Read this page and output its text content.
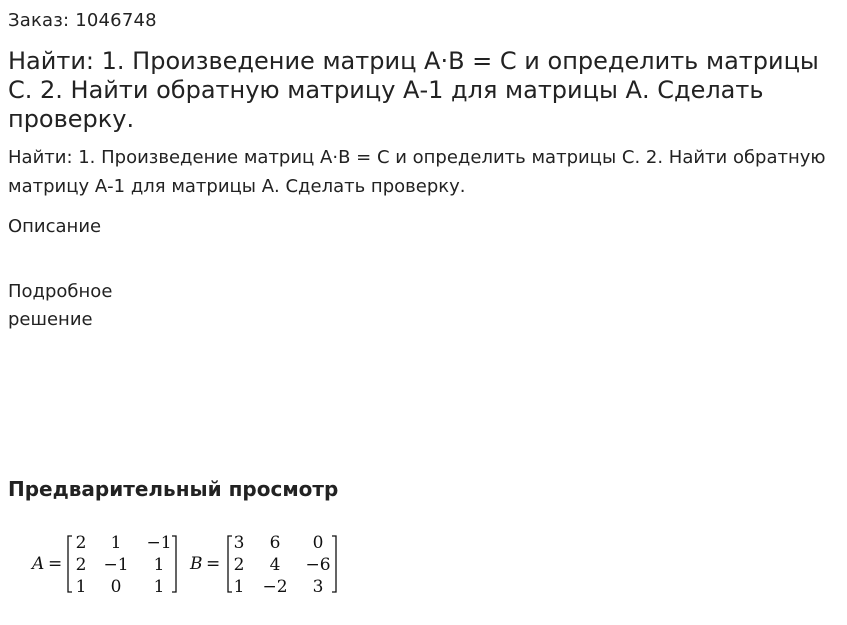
Заказ: 1046748
Найти: 1. Произведение матриц А·В = С и определить матрицы С. 2. Найти обратную матрицу А-1 для матрицы А. Сделать проверку.

Найти: 1. Произведение матриц А·В = С и определить матрицы С. 2. Найти обратную матрицу А-1 для матрицы А. Сделать проверку.

Описание
Подробное решение
Предварительный просмотр
A =
2 1 −1
2 −1 1
1 0 1
B =
3 6 0
2 4 −6
1 −2 3
